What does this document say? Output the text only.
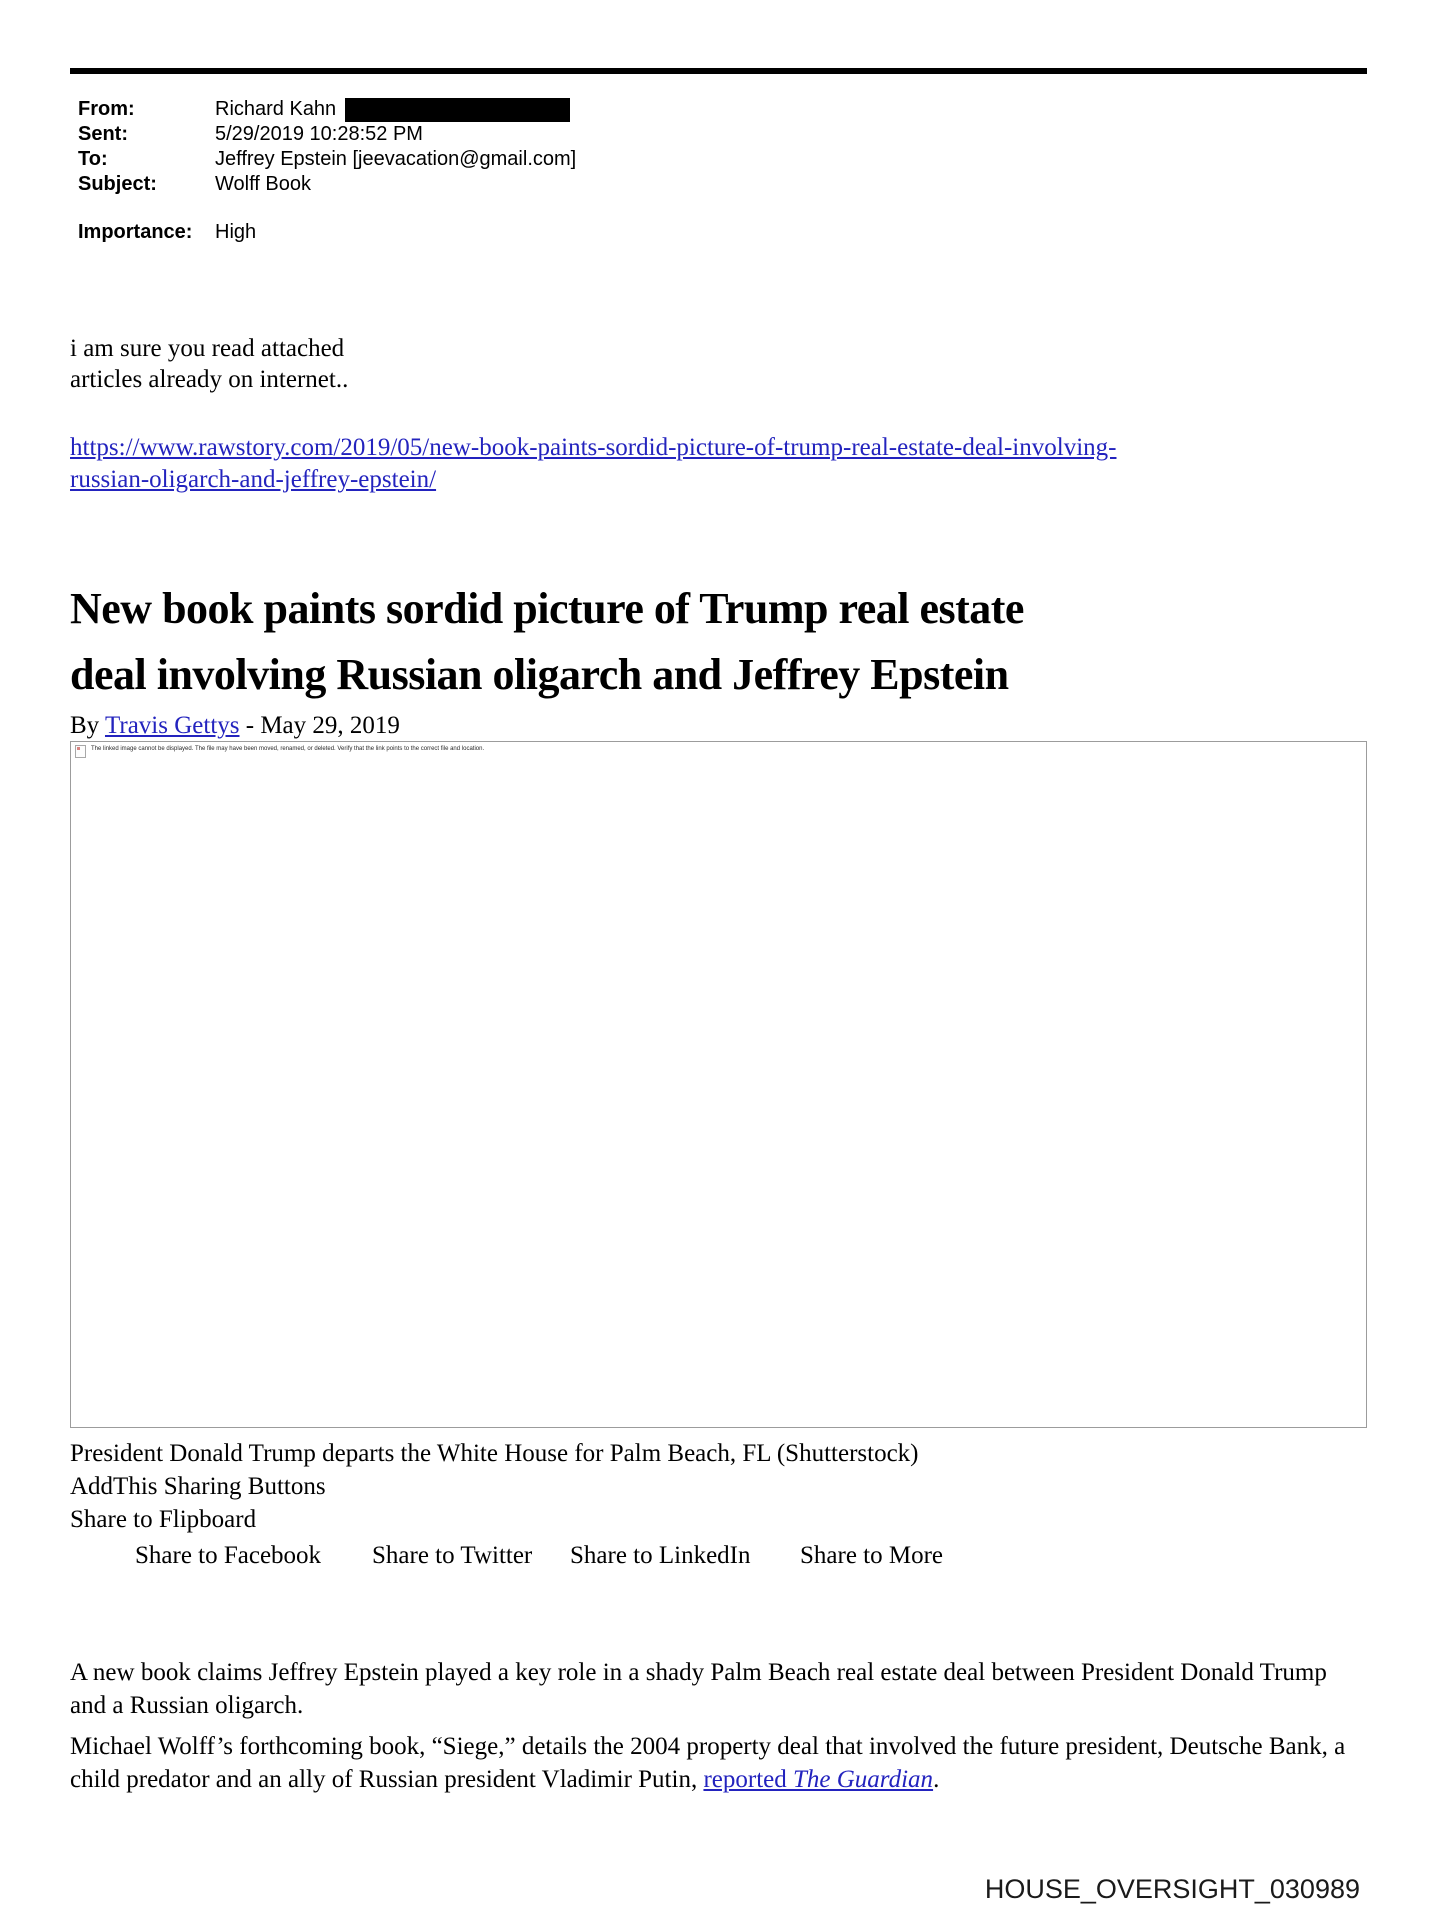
From:	Richard Kahn
Sent:	5/29/2019 10:28:52 PM
To:	Jeffrey Epstein [jeevacation@gmail.com]
Subject:	Wolff Book
Importance:	High
i am sure you read attached
articles already on internet..
https://www.rawstory.com/2019/05/new-book-paints-sordid-picture-of-trump-real-estate-deal-involving-
russian-oligarch-and-jeffrey-epstein/
New book paints sordid picture of Trump real estate
deal involving Russian oligarch and Jeffrey Epstein
By Travis Gettys - May 29, 2019
The linked image cannot be displayed. The file may have been moved, renamed, or deleted. Verify that the link points to the correct file and location.
President Donald Trump departs the White House for Palm Beach, FL (Shutterstock)
AddThis Sharing Buttons
Share to Flipboard
Share to Facebook Share to Twitter Share to LinkedIn Share to More
A new book claims Jeffrey Epstein played a key role in a shady Palm Beach real estate deal between President Donald Trump and a Russian oligarch.
Michael Wolff’s forthcoming book, “Siege,” details the 2004 property deal that involved the future president, Deutsche Bank, a child predator and an ally of Russian president Vladimir Putin, reported The Guardian.
HOUSE_OVERSIGHT_030989
